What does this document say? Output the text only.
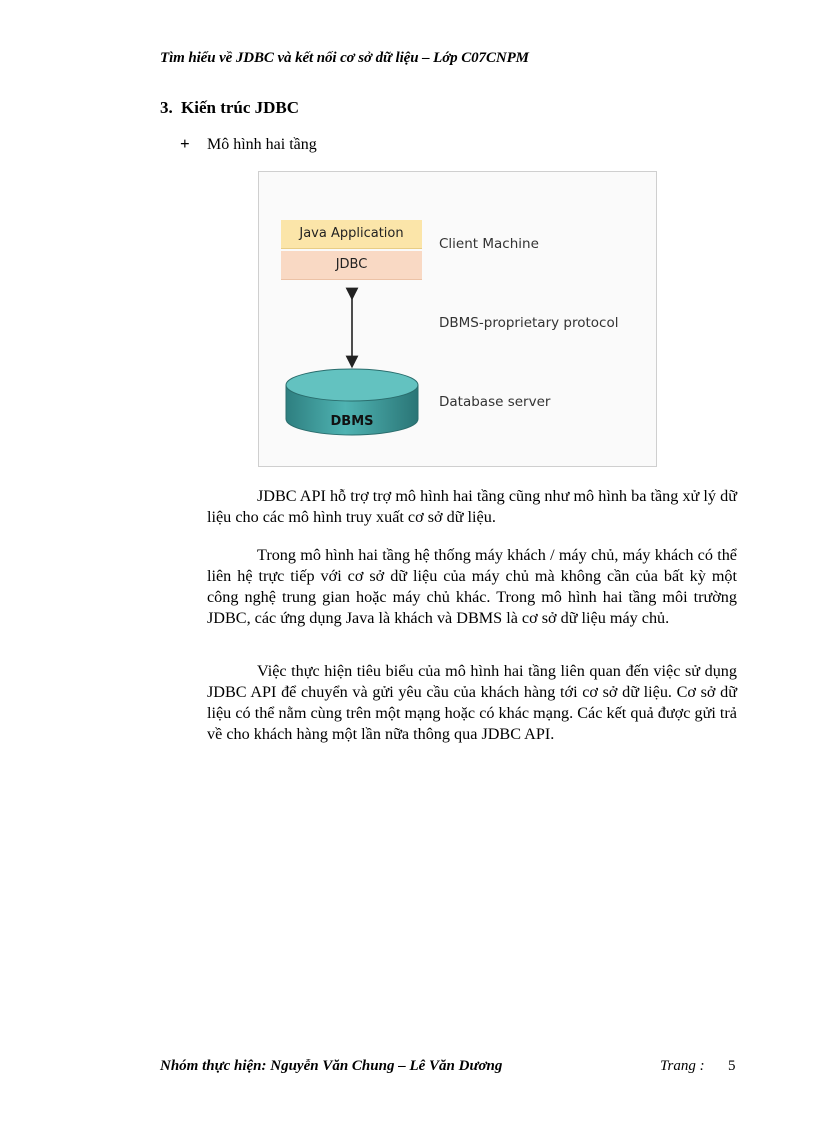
Tìm hiểu về JDBC và kết nối cơ sở dữ liệu – Lớp C07CNPM
3. Kiến trúc JDBC
+ Mô hình hai tầng
Java Application
JDBC
Client Machine
DBMS-proprietary protocol
Database server
DBMS

JDBC API hỗ trợ trợ mô hình hai tầng cũng như mô hình ba tầng xử lý dữ liệu cho các mô hình truy xuất cơ sở dữ liệu.

Trong mô hình hai tầng hệ thống máy khách / máy chủ, máy khách có thể liên hệ trực tiếp với cơ sở dữ liệu của máy chủ mà không cần của bất kỳ một công nghệ trung gian hoặc máy chủ khác. Trong mô hình hai tầng môi trường JDBC, các ứng dụng Java là khách và DBMS là cơ sở dữ liệu máy chủ.

Việc thực hiện tiêu biểu của mô hình hai tầng liên quan đến việc sử dụng JDBC API để chuyển và gửi yêu cầu của khách hàng tới cơ sở dữ liệu. Cơ sở dữ liệu có thể nằm cùng trên một mạng hoặc có khác mạng. Các kết quả được gửi trả về cho khách hàng một lần nữa thông qua JDBC API.

Nhóm thực hiện: Nguyễn Văn Chung – Lê Văn Dương	Trang : 5
